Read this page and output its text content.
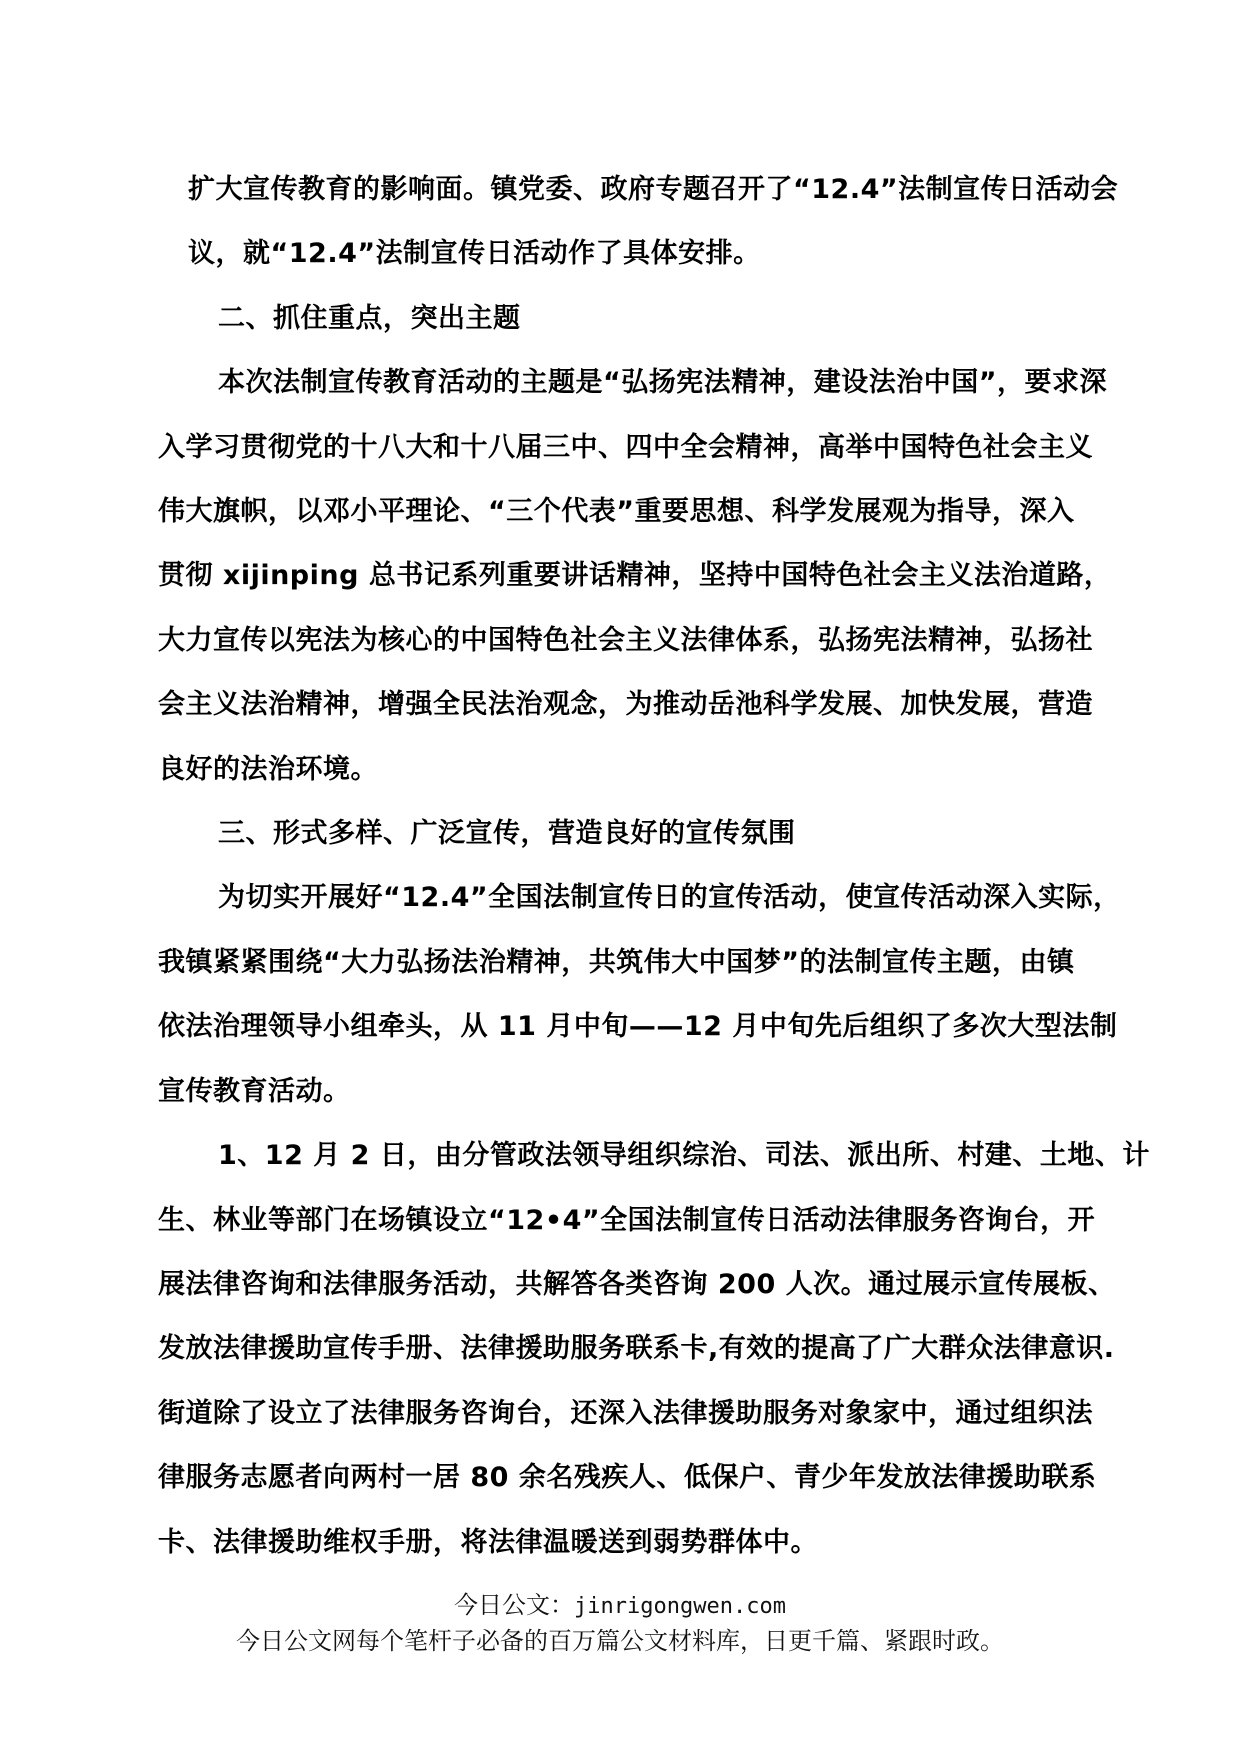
扩大宣传教育的影响面。镇党委、政府专题召开了“12.4”法制宣传日活动会
议，就“12.4”法制宣传日活动作了具体安排。

二、抓住重点，突出主题

本次法制宣传教育活动的主题是“弘扬宪法精神，建设法治中国”，要求深
入学习贯彻党的十八大和十八届三中、四中全会精神，高举中国特色社会主义
伟大旗帜，以邓小平理论、“三个代表”重要思想、科学发展观为指导，深入
贯彻 xijinping 总书记系列重要讲话精神，坚持中国特色社会主义法治道路，
大力宣传以宪法为核心的中国特色社会主义法律体系，弘扬宪法精神，弘扬社
会主义法治精神，增强全民法治观念，为推动岳池科学发展、加快发展，营造
良好的法治环境。

三、形式多样、广泛宣传，营造良好的宣传氛围

为切实开展好“12.4”全国法制宣传日的宣传活动，使宣传活动深入实际，
我镇紧紧围绕“大力弘扬法治精神，共筑伟大中国梦”的法制宣传主题，由镇
依法治理领导小组牵头，从 11 月中旬——12 月中旬先后组织了多次大型法制
宣传教育活动。

1、12 月 2 日，由分管政法领导组织综治、司法、派出所、村建、土地、计
生、林业等部门在场镇设立“12•4”全国法制宣传日活动法律服务咨询台，开
展法律咨询和法律服务活动，共解答各类咨询 200 人次。通过展示宣传展板、
发放法律援助宣传手册、法律援助服务联系卡,有效的提高了广大群众法律意识.
街道除了设立了法律服务咨询台，还深入法律援助服务对象家中，通过组织法
律服务志愿者向两村一居 80 余名残疾人、低保户、青少年发放法律援助联系
卡、法律援助维权手册，将法律温暖送到弱势群体中。

今日公文：jinrigongwen.com
今日公文网每个笔杆子必备的百万篇公文材料库，日更千篇、紧跟时政。
